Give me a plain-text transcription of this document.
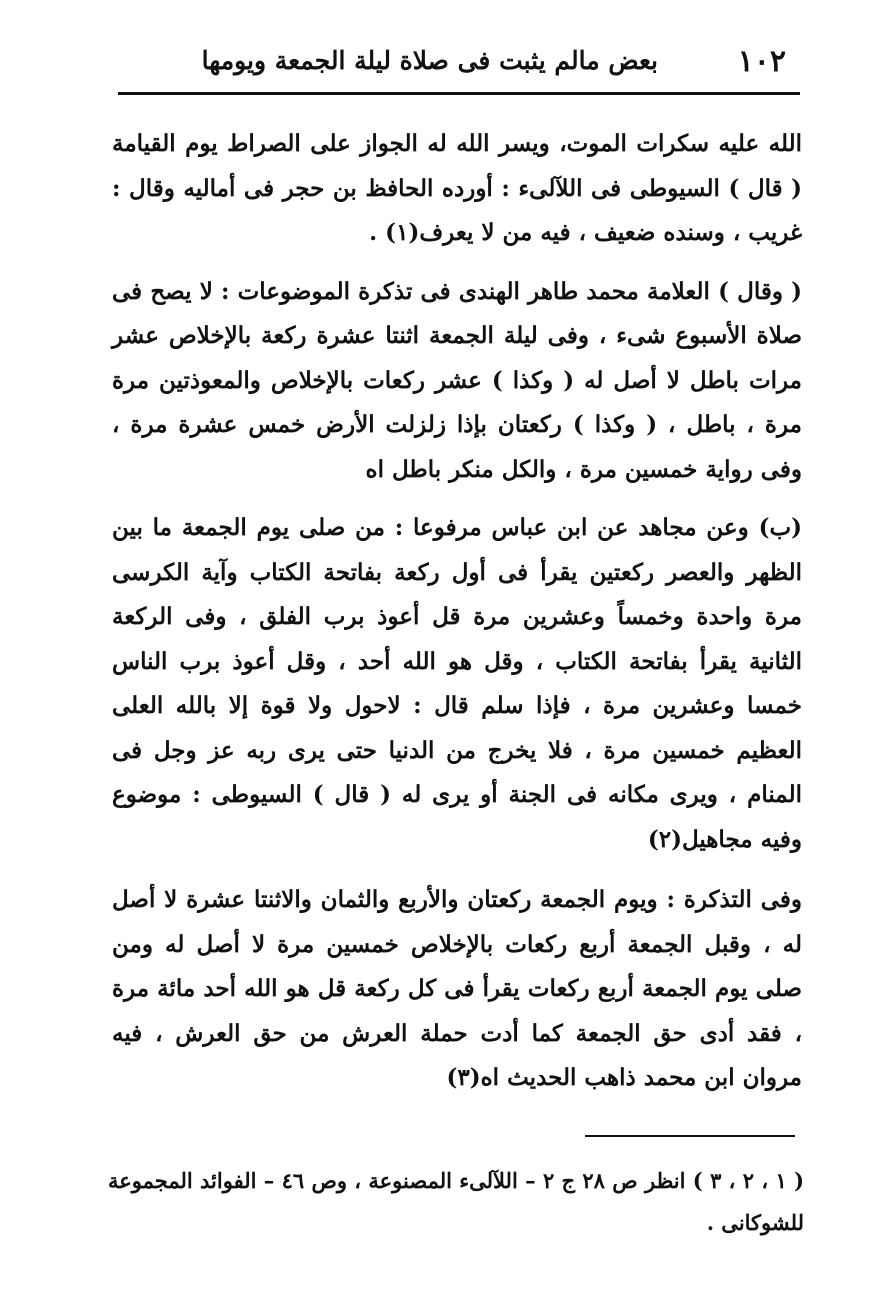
١٠٢
بعض مالم يثبت فى صلاة ليلة الجمعة ويومها

الله عليه سكرات الموت، ويسر الله له الجواز على الصراط يوم القيامة ( قال ) السيوطى فى اللآلىء : أورده الحافظ بن حجر فى أماليه وقال : غريب ، وسنده ضعيف ، فيه من لا يعرف(١) .

( وقال ) العلامة محمد طاهر الهندى فى تذكرة الموضوعات : لا يصح فى صلاة الأسبوع شىء ، وفى ليلة الجمعة اثنتا عشرة ركعة بالإخلاص عشر مرات باطل لا أصل له ( وكذا ) عشر ركعات بالإخلاص والمعوذتين مرة مرة ، باطل ، ( وكذا ) ركعتان بإذا زلزلت الأرض خمس عشرة مرة ، وفى رواية خمسين مرة ، والكل منكر باطل اه

(ب) وعن مجاهد عن ابن عباس مرفوعا : من صلى يوم الجمعة ما بين الظهر والعصر ركعتين يقرأ فى أول ركعة بفاتحة الكتاب وآية الكرسى مرة واحدة وخمساً وعشرين مرة قل أعوذ برب الفلق ، وفى الركعة الثانية يقرأ بفاتحة الكتاب ، وقل هو الله أحد ، وقل أعوذ برب الناس خمسا وعشرين مرة ، فإذا سلم قال : لاحول ولا قوة إلا بالله العلى العظيم خمسين مرة ، فلا يخرج من الدنيا حتى يرى ربه عز وجل فى المنام ، ويرى مكانه فى الجنة أو يرى له ( قال ) السيوطى : موضوع وفيه مجاهيل(٢)

وفى التذكرة : ويوم الجمعة ركعتان والأربع والثمان والاثنتا عشرة لا أصل له ، وقبل الجمعة أربع ركعات بالإخلاص خمسين مرة لا أصل له ومن صلى يوم الجمعة أربع ركعات يقرأ فى كل ركعة قل هو الله أحد مائة مرة ، فقد أدى حق الجمعة كما أدت حملة العرش من حق العرش ، فيه مروان ابن محمد ذاهب الحديث اه(٣)

( ١ ، ٢ ، ٣ ) انظر ص ٢٨ ج ٢ – اللآلىء المصنوعة ، وص ٤٦ – الفوائد المجموعة للشوكانى .
